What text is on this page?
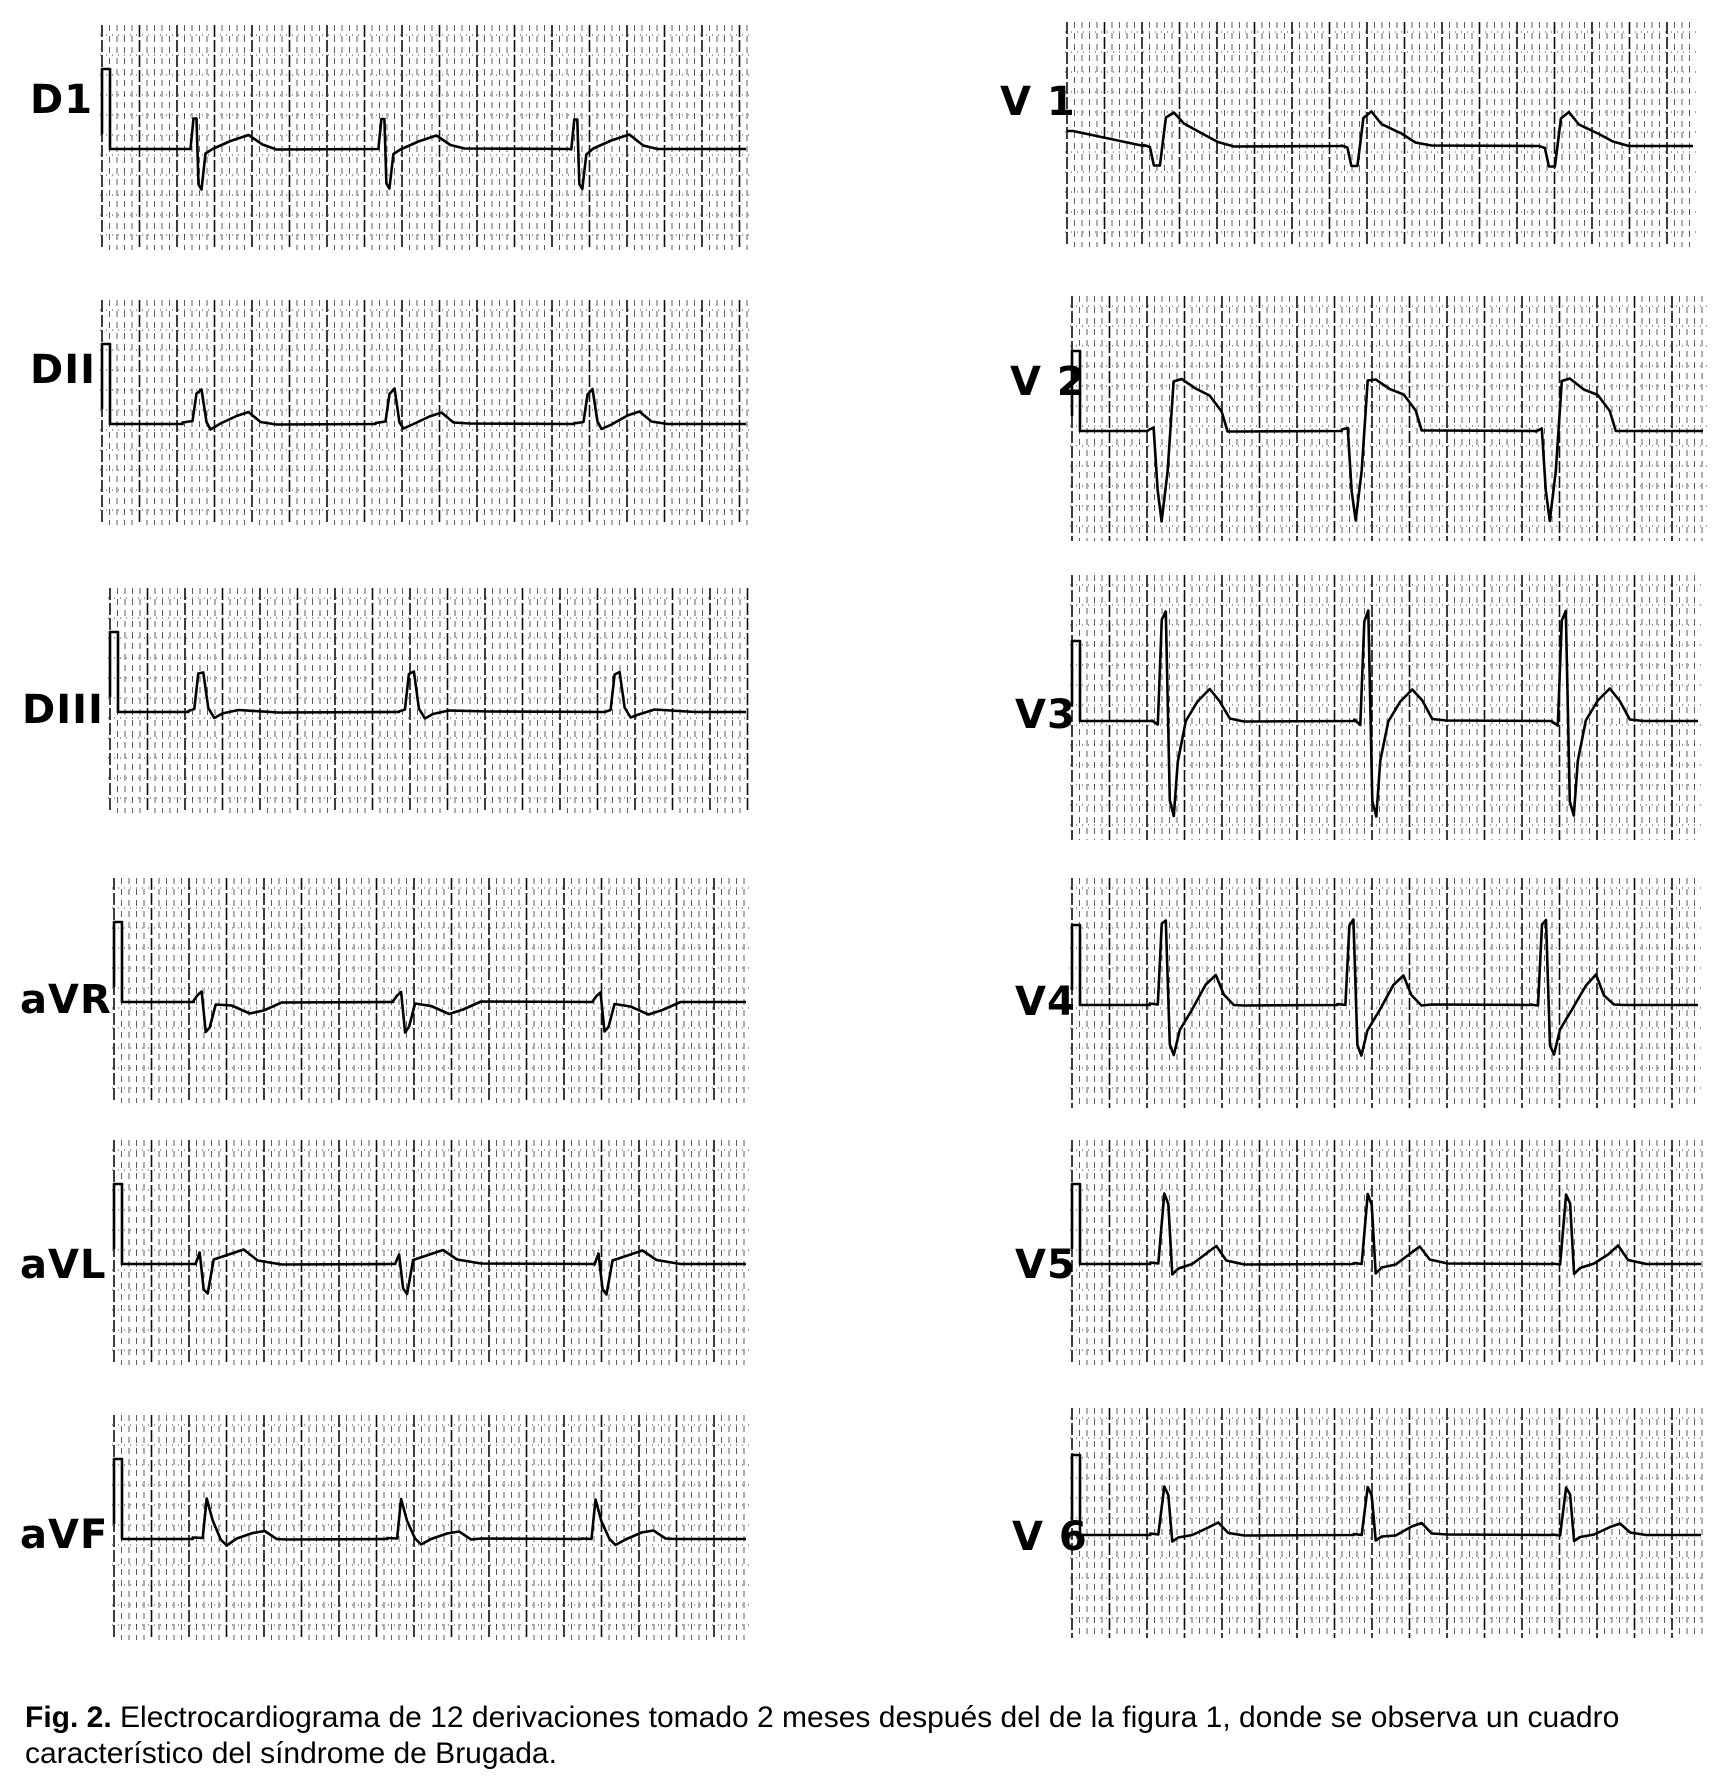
D1
DII
DIII
aVR
aVL
aVF
V 1
V 2
V3
V4
V5
V 6
Fig. 2. Electrocardiograma de 12 derivaciones tomado 2 meses después del de la figura 1, donde se observa un cuadro característico del síndrome de Brugada.
